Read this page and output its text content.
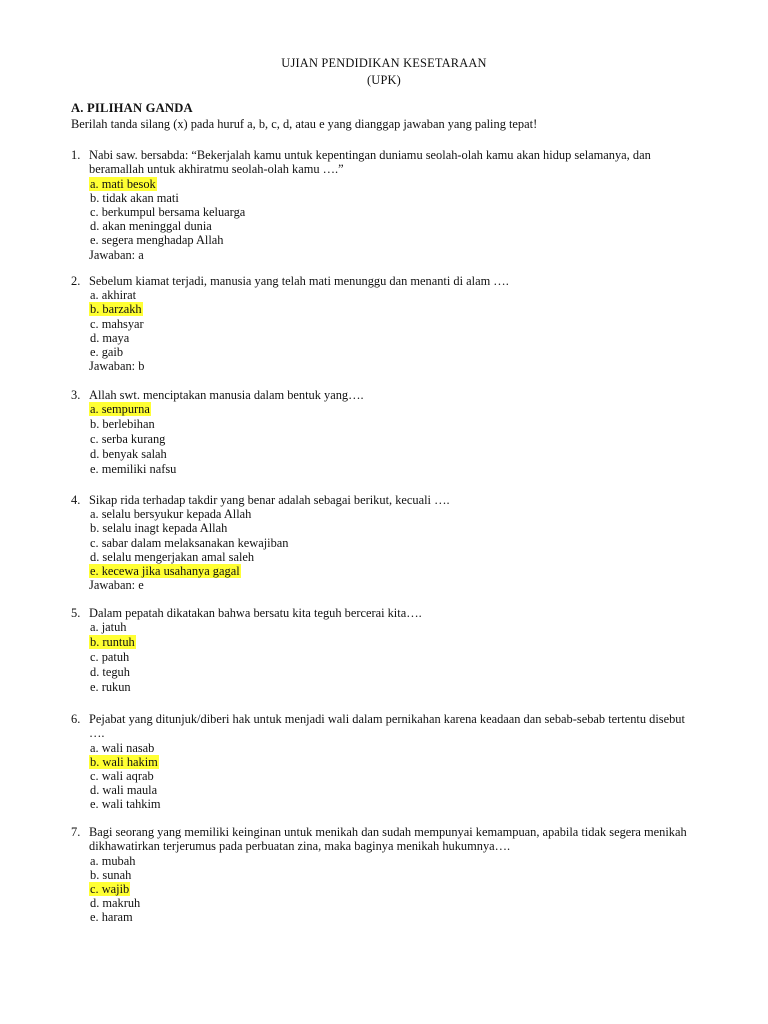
UJIAN PENDIDIKAN KESETARAAN
(UPK)
A. PILIHAN GANDA
Berilah tanda silang (x) pada huruf a, b, c, d, atau e yang dianggap jawaban yang paling tepat!
1. Nabi saw. bersabda: “Bekerjalah kamu untuk kepentingan duniamu seolah-olah kamu akan hidup selamanya, dan beramallah untuk akhiratmu seolah-olah kamu ….”
a. mati besok
b. tidak akan mati
c. berkumpul bersama keluarga
d. akan meninggal dunia
e. segera menghadap Allah
Jawaban: a
2. Sebelum kiamat terjadi, manusia yang telah mati menunggu dan menanti di alam ….
a. akhirat
b. barzakh
c. mahsyar
d. maya
e. gaib
Jawaban: b
3. Allah swt. menciptakan manusia dalam bentuk yang….
a. sempurna
b. berlebihan
c. serba kurang
d. benyak salah
e. memiliki nafsu
4. Sikap rida terhadap takdir yang benar adalah sebagai berikut, kecuali ….
a. selalu bersyukur kepada Allah
b. selalu inagt kepada Allah
c. sabar dalam melaksanakan kewajiban
d. selalu mengerjakan amal saleh
e. kecewa jika usahanya gagal
Jawaban: e
5. Dalam pepatah dikatakan bahwa bersatu kita teguh bercerai kita….
a. jatuh
b. runtuh
c. patuh
d. teguh
e. rukun
6. Pejabat yang ditunjuk/diberi hak untuk menjadi wali dalam pernikahan karena keadaan dan sebab-sebab tertentu disebut ….
a. wali nasab
b. wali hakim
c. wali aqrab
d. wali maula
e. wali tahkim
7. Bagi seorang yang memiliki keinginan untuk menikah dan sudah mempunyai kemampuan, apabila tidak segera menikah dikhawatirkan terjerumus pada perbuatan zina, maka baginya menikah hukumnya….
a. mubah
b. sunah
c. wajib
d. makruh
e. haram
